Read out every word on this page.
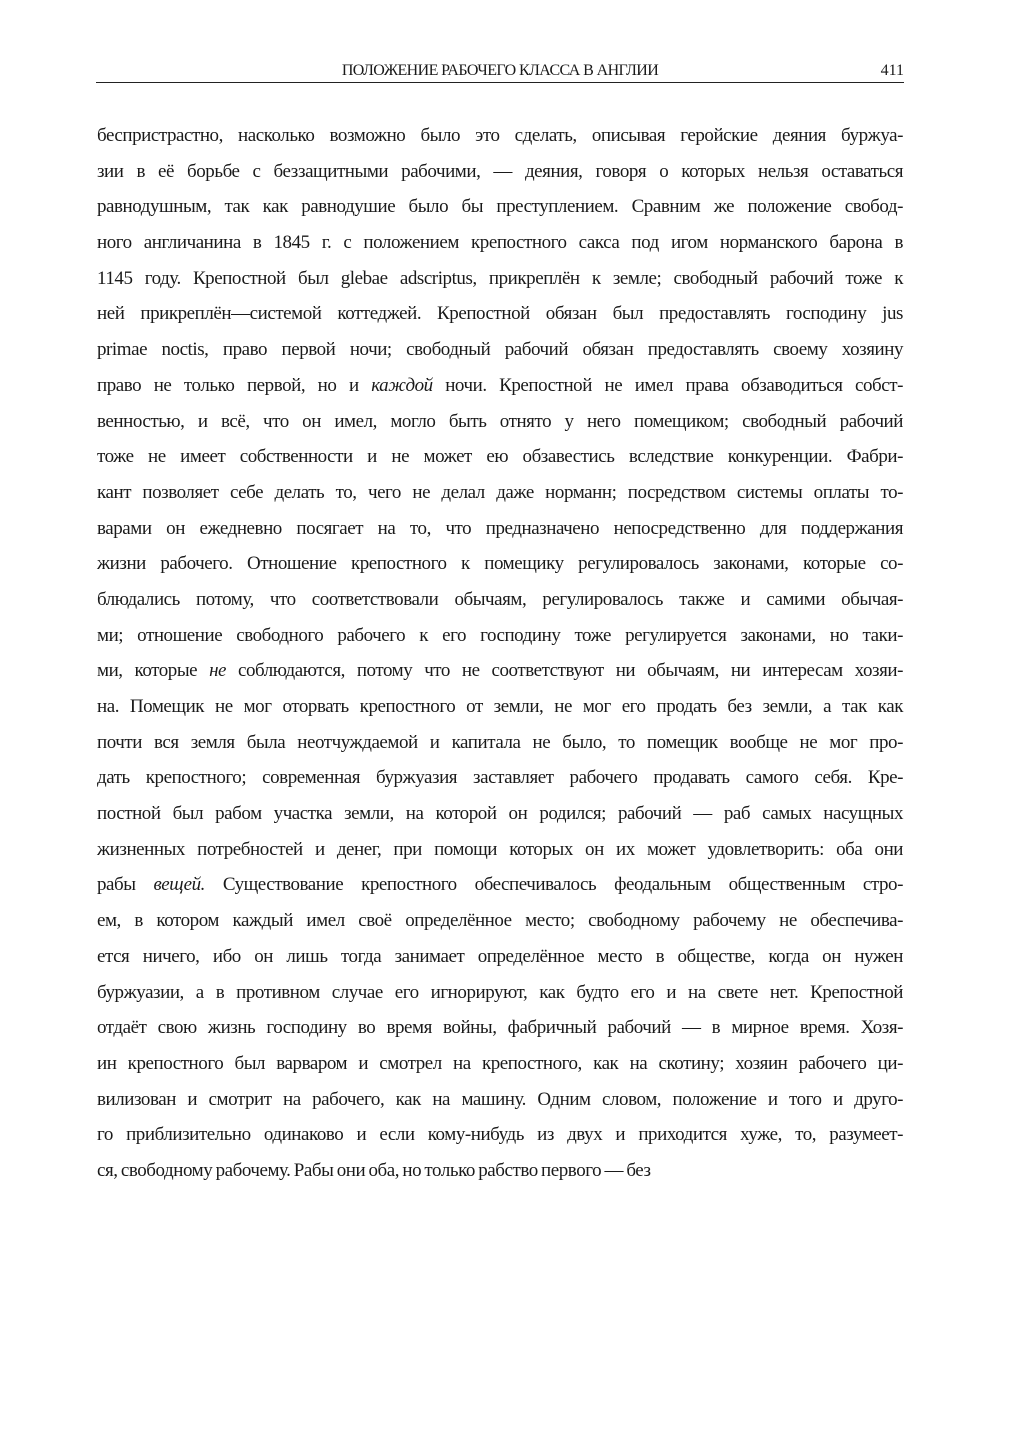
ПОЛОЖЕНИЕ РАБОЧЕГО КЛАССА В АНГЛИИ	411
беспристрастно, насколько возможно было это сделать, описывая геройские деяния буржуа-
зии в её борьбе с беззащитными рабочими, — деяния, говоря о которых нельзя оставаться
равнодушным, так как равнодушие было бы преступлением. Сравним же положение свобод-
ного англичанина в 1845 г. с положением крепостного сакса под игом норманского барона в
1145 году. Крепостной был glebae adscriptus, прикреплён к земле; свободный рабочий тоже к
ней прикреплён—системой коттеджей. Крепостной обязан был предоставлять господину jus
primae noctis, право первой ночи; свободный рабочий обязан предоставлять своему хозяину
право не только первой, но и каждой ночи. Крепостной не имел права обзаводиться собст-
венностью, и всё, что он имел, могло быть отнято у него помещиком; свободный рабочий
тоже не имеет собственности и не может ею обзавестись вследствие конкуренции. Фабри-
кант позволяет себе делать то, чего не делал даже норманн; посредством системы оплаты то-
варами он ежедневно посягает на то, что предназначено непосредственно для поддержания
жизни рабочего. Отношение крепостного к помещику регулировалось законами, которые со-
блюдались потому, что соответствовали обычаям, регулировалось также и самими обычая-
ми; отношение свободного рабочего к его господину тоже регулируется законами, но таки-
ми, которые не соблюдаются, потому что не соответствуют ни обычаям, ни интересам хозяи-
на. Помещик не мог оторвать крепостного от земли, не мог его продать без земли, а так как
почти вся земля была неотчуждаемой и капитала не было, то помещик вообще не мог про-
дать крепостного; современная буржуазия заставляет рабочего продавать самого себя. Кре-
постной был рабом участка земли, на которой он родился; рабочий — раб самых насущных
жизненных потребностей и денег, при помощи которых он их может удовлетворить: оба они
рабы вещей. Существование крепостного обеспечивалось феодальным общественным стро-
ем, в котором каждый имел своё определённое место; свободному рабочему не обеспечива-
ется ничего, ибо он лишь тогда занимает определённое место в обществе, когда он нужен
буржуазии, а в противном случае его игнорируют, как будто его и на свете нет. Крепостной
отдаёт свою жизнь господину во время войны, фабричный рабочий — в мирное время. Хозя-
ин крепостного был варваром и смотрел на крепостного, как на скотину; хозяин рабочего ци-
вилизован и смотрит на рабочего, как на машину. Одним словом, положение и того и друго-
го приблизительно одинаково и если кому-нибудь из двух и приходится хуже, то, разумеет-
ся, свободному рабочему. Рабы они оба, но только рабство первого — без
